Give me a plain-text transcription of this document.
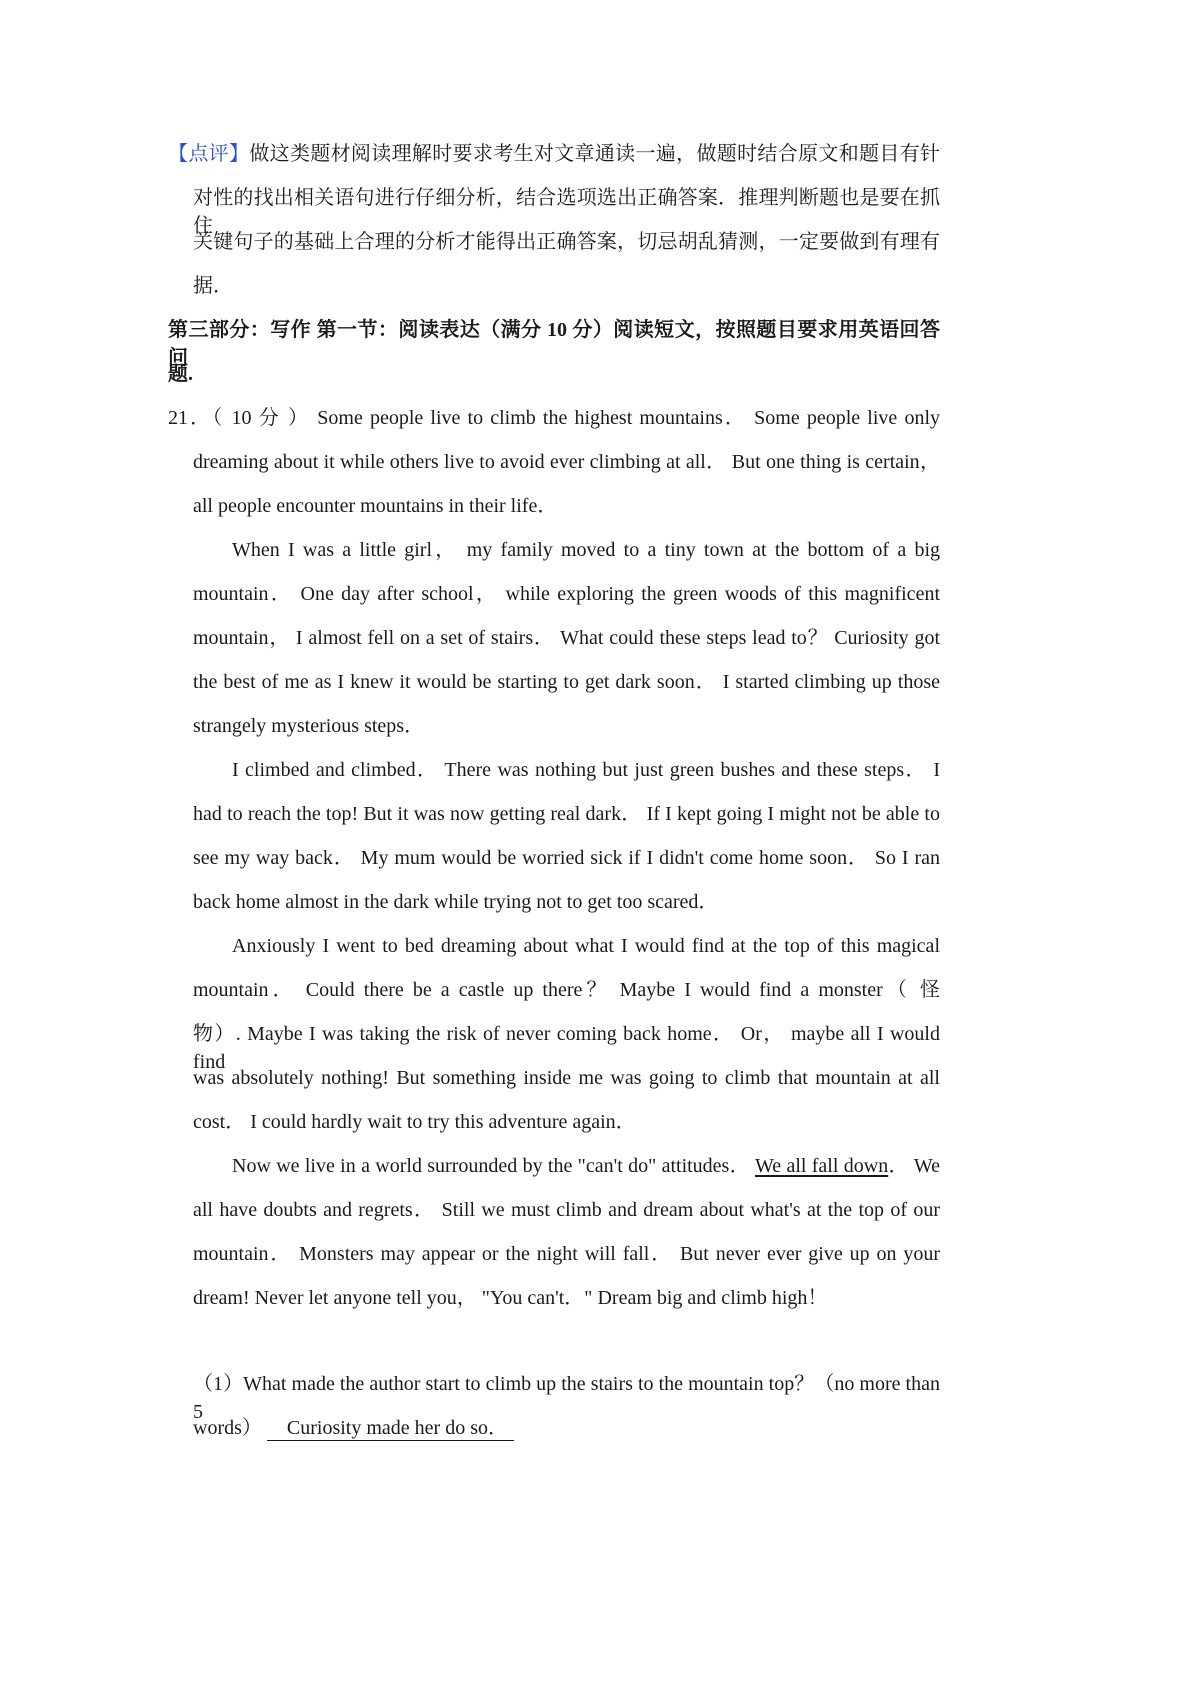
【点评】做这类题材阅读理解时要求考生对文章通读一遍，做题时结合原文和题目有针
对性的找出相关语句进行仔细分析，结合选项选出正确答案．推理判断题也是要在抓住
关键句子的基础上合理的分析才能得出正确答案，切忌胡乱猜测，一定要做到有理有
据．
第三部分：写作 第一节：阅读表达（满分 10 分）阅读短文，按照题目要求用英语回答问
题.
21．（ 10 分 ） Some people live to climb the highest mountains． Some people live only
dreaming about it while others live to avoid ever climbing at all． But one thing is certain，
all people encounter mountains in their life．
When I was a little girl， my family moved to a tiny town at the bottom of a big
mountain． One day after school， while exploring the green woods of this magnificent
mountain， I almost fell on a set of stairs． What could these steps lead to？ Curiosity got
the best of me as I knew it would be starting to get dark soon． I started climbing up those
strangely mysterious steps．
I climbed and climbed． There was nothing but just green bushes and these steps． I
had to reach the top! But it was now getting real dark． If I kept going I might not be able to
see my way back． My mum would be worried sick if I didn't come home soon． So I ran
back home almost in the dark while trying not to get too scared．
Anxiously I went to bed dreaming about what I would find at the top of this magical
mountain． Could there be a castle up there？ Maybe I would find a monster（ 怪
物）. Maybe I was taking the risk of never coming back home． Or， maybe all I would find
was absolutely nothing! But something inside me was going to climb that mountain at all
cost． I could hardly wait to try this adventure again．
Now we live in a world surrounded by the "can't do" attitudes． We all fall down． We
all have doubts and regrets． Still we must climb and dream about what's at the top of our
mountain． Monsters may appear or the night will fall． But never ever give up on your
dream! Never let anyone tell you， "You can't．" Dream big and climb high！
（1）What made the author start to climb up the stairs to the mountain top？（no more than 5
words） Curiosity made her do so．
